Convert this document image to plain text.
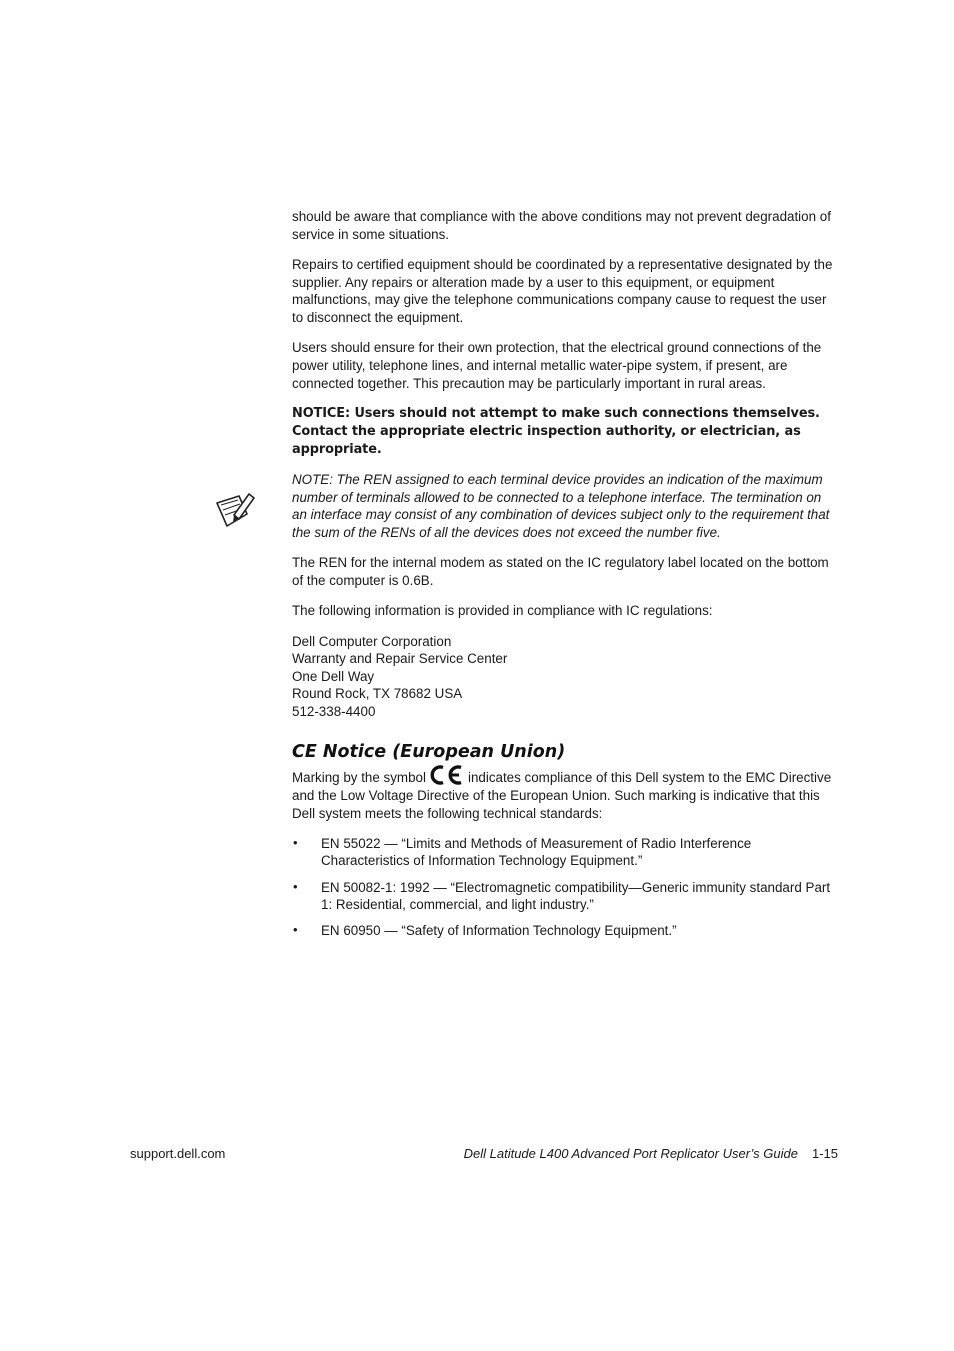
should be aware that compliance with the above conditions may not prevent degradation of service in some situations.

Repairs to certified equipment should be coordinated by a representative designated by the supplier. Any repairs or alteration made by a user to this equipment, or equipment malfunctions, may give the telephone communications company cause to request the user to disconnect the equipment.

Users should ensure for their own protection, that the electrical ground connections of the power utility, telephone lines, and internal metallic water-pipe system, if present, are connected together. This precaution may be particularly important in rural areas.

NOTICE: Users should not attempt to make such connections themselves. Contact the appropriate electric inspection authority, or electrician, as appropriate.

NOTE: The REN assigned to each terminal device provides an indication of the maximum number of terminals allowed to be connected to a telephone interface. The termination on an interface may consist of any combination of devices subject only to the requirement that the sum of the RENs of all the devices does not exceed the number five.

The REN for the internal modem as stated on the IC regulatory label located on the bottom of the computer is 0.6B.

The following information is provided in compliance with IC regulations:

Dell Computer Corporation
Warranty and Repair Service Center
One Dell Way
Round Rock, TX 78682 USA
512-338-4400
CE Notice (European Union)

Marking by the symbol	indicates compliance of this Dell system to the EMC Directive and the Low Voltage Directive of the European Union. Such marking is indicative that this Dell system meets the following technical standards:

• EN 55022 — “Limits and Methods of Measurement of Radio Interference Characteristics of Information Technology Equipment.”
• EN 50082-1: 1992 — “Electromagnetic compatibility—Generic immunity standard Part 1: Residential, commercial, and light industry.”
• EN 60950 — “Safety of Information Technology Equipment.”
support.dell.com	Dell Latitude L400 Advanced Port Replicator User’s Guide 1-15
